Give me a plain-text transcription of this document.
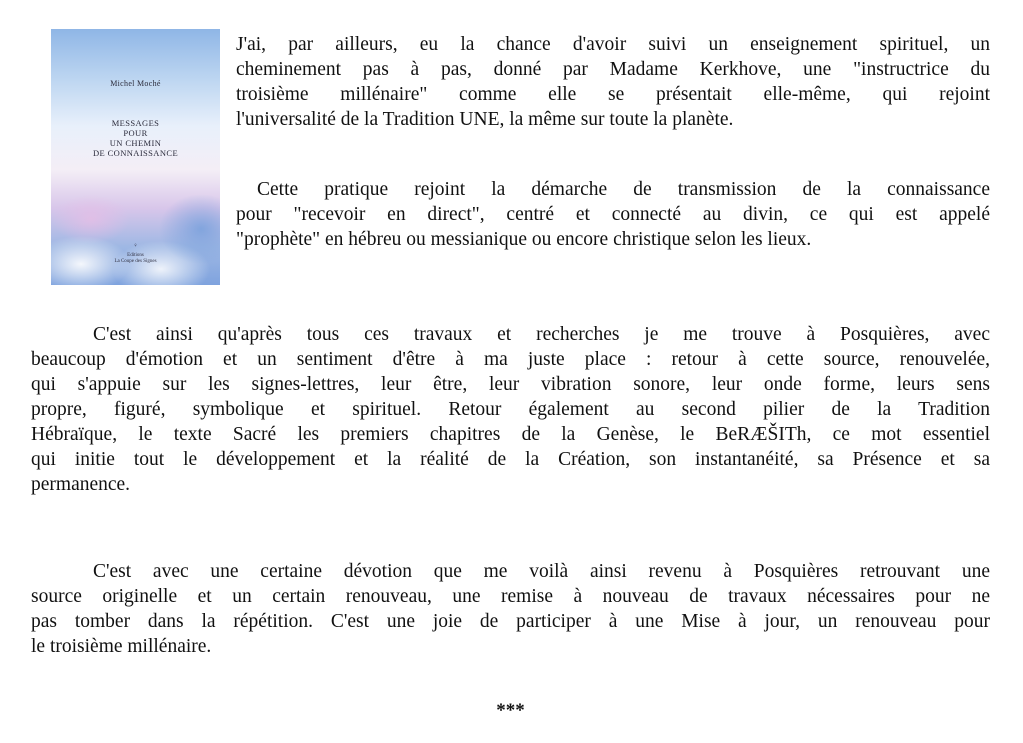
Michel Moché
MESSAGES
POUR
UN CHEMIN
DE CONNAISSANCE
♀
Editions
La Coupe des Signes

J'ai, par ailleurs, eu la chance d'avoir suivi un enseignement spirituel, un
cheminement pas à pas, donné par Madame Kerkhove, une "instructrice du
troisième millénaire" comme elle se présentait elle-même, qui rejoint
l'universalité de la Tradition UNE, la même sur toute la planète.

Cette pratique rejoint la démarche de transmission de la connaissance
pour "recevoir en direct", centré et connecté au divin, ce qui est appelé
"prophète" en hébreu ou messianique ou encore christique selon les lieux.

C'est ainsi qu'après tous ces travaux et recherches je me trouve à Posquières, avec
beaucoup d'émotion et un sentiment d'être à ma juste place : retour à cette source, renouvelée,
qui s'appuie sur les signes-lettres, leur être, leur vibration sonore, leur onde forme, leurs sens
propre, figuré, symbolique et spirituel. Retour également au second pilier de la Tradition
Hébraïque, le texte Sacré les premiers chapitres de la Genèse, le BeRÆŠITh, ce mot essentiel
qui initie tout le développement et la réalité de la Création, son instantanéité, sa Présence et sa
permanence.

C'est avec une certaine dévotion que me voilà ainsi revenu à Posquières retrouvant une
source originelle et un certain renouveau, une remise à nouveau de travaux nécessaires pour ne
pas tomber dans la répétition. C'est une joie de participer à une Mise à jour, un renouveau pour
le troisième millénaire.

***
